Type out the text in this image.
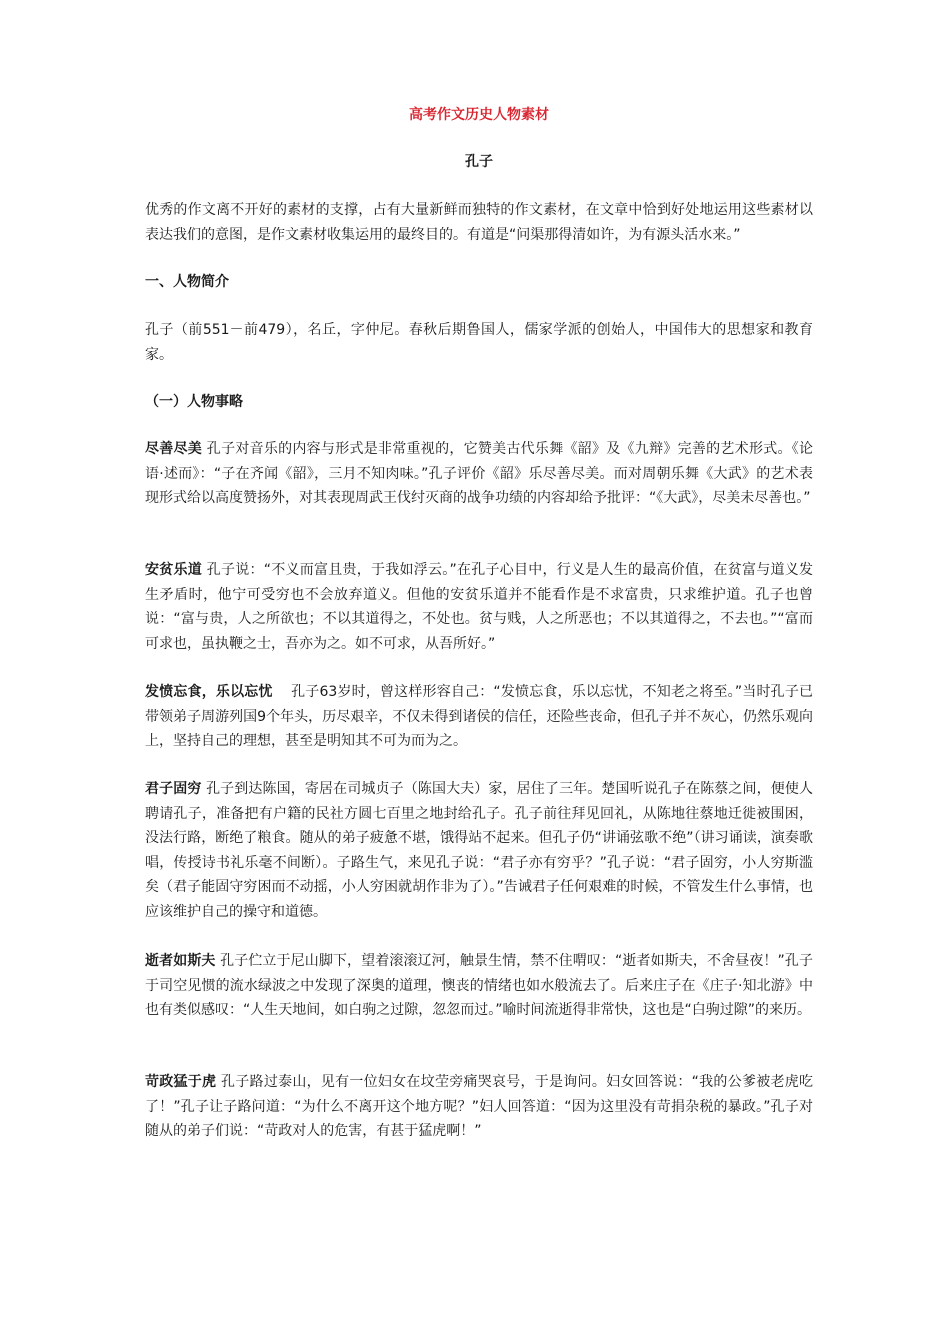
高考作文历史人物素材
孔子

优秀的作文离不开好的素材的支撑，占有大量新鲜而独特的作文素材，在文章中恰到好处地运用这些素材以表达我们的意图，是作文素材收集运用的最终目的。有道是“问渠那得清如许，为有源头活水来。”

一、人物简介

孔子（前551－前479），名丘，字仲尼。春秋后期鲁国人，儒家学派的创始人，中国伟大的思想家和教育家。

（一）人物事略

尽善尽美 孔子对音乐的内容与形式是非常重视的，它赞美古代乐舞《韶》及《九辩》完善的艺术形式。《论语·述而》：“子在齐闻《韶》，三月不知肉味。”孔子评价《韶》乐尽善尽美。而对周朝乐舞《大武》的艺术表现形式给以高度赞扬外，对其表现周武王伐纣灭商的战争功绩的内容却给予批评：“《大武》，尽美未尽善也。”

安贫乐道 孔子说：“不义而富且贵，于我如浮云。”在孔子心目中，行义是人生的最高价值，在贫富与道义发生矛盾时，他宁可受穷也不会放弃道义。但他的安贫乐道并不能看作是不求富贵，只求维护道。孔子也曾说：“富与贵，人之所欲也；不以其道得之，不处也。贫与贱，人之所恶也；不以其道得之，不去也。”“富而可求也，虽执鞭之士，吾亦为之。如不可求，从吾所好。”

发愤忘食，乐以忘忧 孔子63岁时，曾这样形容自己：“发愤忘食，乐以忘忧，不知老之将至。”当时孔子已带领弟子周游列国9个年头，历尽艰辛，不仅未得到诸侯的信任，还险些丧命，但孔子并不灰心，仍然乐观向上，坚持自己的理想，甚至是明知其不可为而为之。

君子固穷 孔子到达陈国，寄居在司城贞子（陈国大夫）家，居住了三年。楚国听说孔子在陈蔡之间，便使人聘请孔子，准备把有户籍的民社方圆七百里之地封给孔子。孔子前往拜见回礼，从陈地往蔡地迁徙被围困，没法行路，断绝了粮食。随从的弟子疲惫不堪，饿得站不起来。但孔子仍“讲诵弦歌不绝”（讲习诵读，演奏歌唱，传授诗书礼乐毫不间断）。子路生气，来见孔子说：“君子亦有穷乎？”孔子说：“君子固穷，小人穷斯滥矣（君子能固守穷困而不动摇，小人穷困就胡作非为了）。”告诫君子任何艰难的时候，不管发生什么事情，也应该维护自己的操守和道德。

逝者如斯夫 孔子伫立于尼山脚下，望着滚滚辽河，触景生情，禁不住喟叹：“逝者如斯夫，不舍昼夜！”孔子于司空见惯的流水绿波之中发现了深奥的道理，懊丧的情绪也如水般流去了。后来庄子在《庄子·知北游》中也有类似感叹：“人生天地间，如白驹之过隙，忽忽而过。”喻时间流逝得非常快，这也是“白驹过隙”的来历。

苛政猛于虎 孔子路过泰山，见有一位妇女在坟茔旁痛哭哀号，于是询问。妇女回答说：“我的公爹被老虎吃了！”孔子让子路问道：“为什么不离开这个地方呢？”妇人回答道：“因为这里没有苛捐杂税的暴政。”孔子对随从的弟子们说：“苛政对人的危害，有甚于猛虎啊！”
